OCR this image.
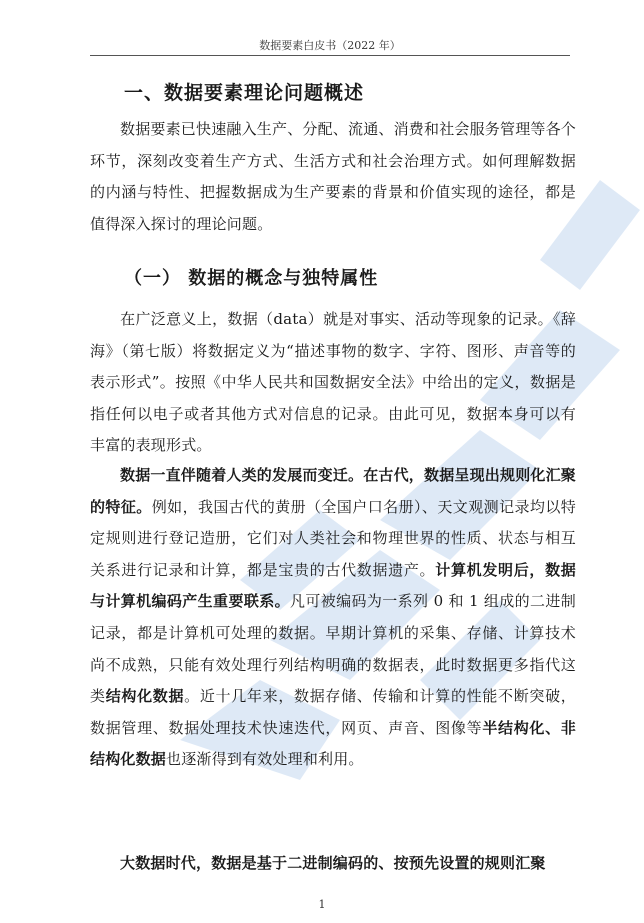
数据要素白皮书（2022 年）
一、数据要素理论问题概述

数据要素已快速融入生产、分配、流通、消费和社会服务管理等各个环节，深刻改变着生产方式、生活方式和社会治理方式。如何理解数据的内涵与特性、把握数据成为生产要素的背景和价值实现的途径，都是值得深入探讨的理论问题。

（一） 数据的概念与独特属性

在广泛意义上，数据（data）就是对事实、活动等现象的记录。《辞海》（第七版）将数据定义为“描述事物的数字、字符、图形、声音等的表示形式”。按照《中华人民共和国数据安全法》中给出的定义，数据是指任何以电子或者其他方式对信息的记录。由此可见，数据本身可以有丰富的表现形式。

数据一直伴随着人类的发展而变迁。在古代，数据呈现出规则化汇聚的特征。例如，我国古代的黄册（全国户口名册）、天文观测记录均以特定规则进行登记造册，它们对人类社会和物理世界的性质、状态与相互关系进行记录和计算，都是宝贵的古代数据遗产。计算机发明后，数据与计算机编码产生重要联系。凡可被编码为一系列 0 和 1 组成的二进制记录，都是计算机可处理的数据。早期计算机的采集、存储、计算技术尚不成熟，只能有效处理行列结构明确的数据表，此时数据更多指代这类结构化数据。近十几年来，数据存储、传输和计算的性能不断突破，数据管理、数据处理技术快速迭代，网页、声音、图像等半结构化、非结构化数据也逐渐得到有效处理和利用。

大数据时代，数据是基于二进制编码的、按预先设置的规则汇聚

1
